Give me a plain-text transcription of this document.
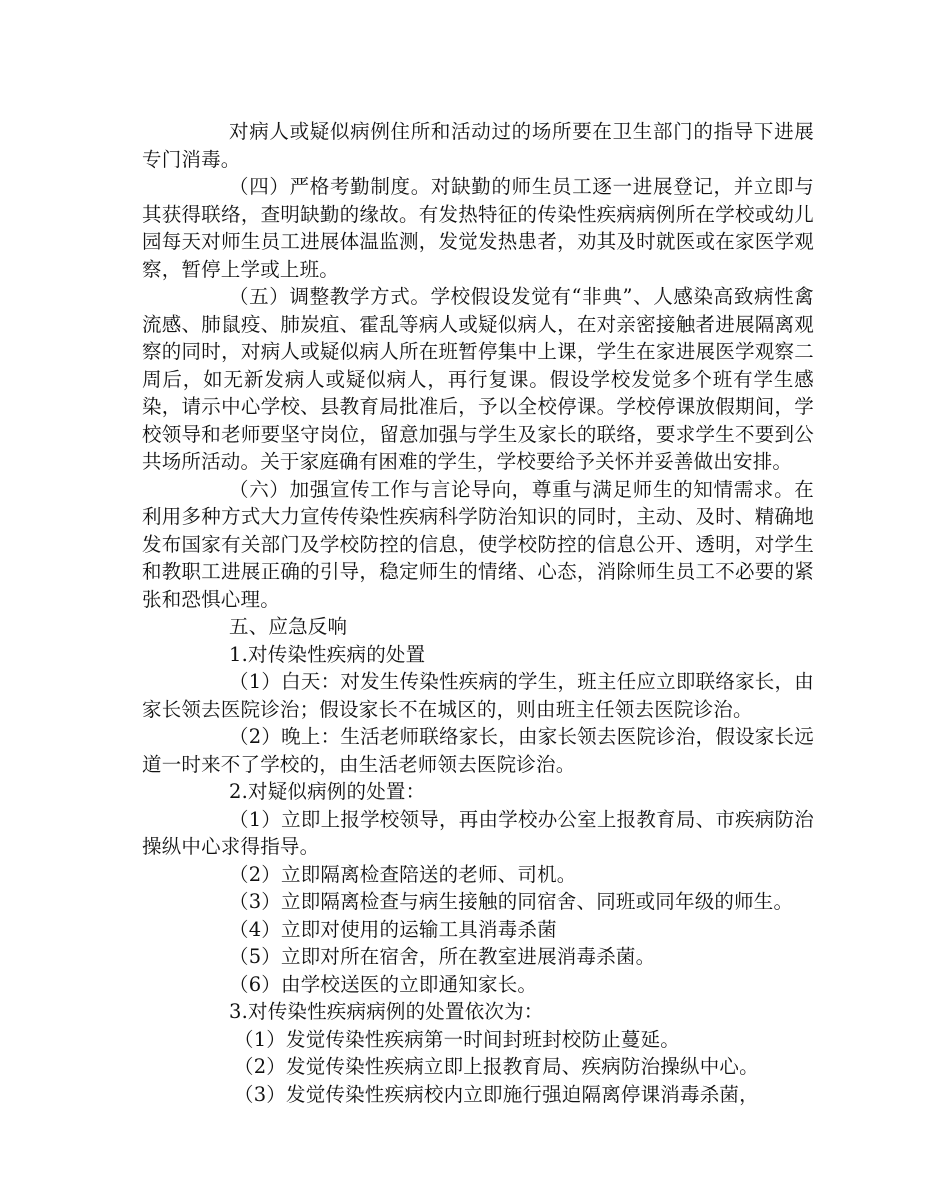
对病人或疑似病例住所和活动过的场所要在卫生部门的指导下进展专门消毒。

（四）严格考勤制度。对缺勤的师生员工逐一进展登记，并立即与其获得联络，查明缺勤的缘故。有发热特征的传染性疾病病例所在学校或幼儿园每天对师生员工进展体温监测，发觉发热患者，劝其及时就医或在家医学观察，暂停上学或上班。

（五）调整教学方式。学校假设发觉有“非典”、人感染高致病性禽流感、肺鼠疫、肺炭疽、霍乱等病人或疑似病人，在对亲密接触者进展隔离观察的同时，对病人或疑似病人所在班暂停集中上课，学生在家进展医学观察二周后，如无新发病人或疑似病人，再行复课。假设学校发觉多个班有学生感染，请示中心学校、县教育局批准后，予以全校停课。学校停课放假期间，学校领导和老师要坚守岗位，留意加强与学生及家长的联络，要求学生不要到公共场所活动。关于家庭确有困难的学生，学校要给予关怀并妥善做出安排。

（六）加强宣传工作与言论导向，尊重与满足师生的知情需求。在利用多种方式大力宣传传染性疾病科学防治知识的同时，主动、及时、精确地发布国家有关部门及学校防控的信息，使学校防控的信息公开、透明，对学生和教职工进展正确的引导，稳定师生的情绪、心态，消除师生员工不必要的紧张和恐惧心理。

五、应急反响

1.对传染性疾病的处置

（1）白天：对发生传染性疾病的学生，班主任应立即联络家长，由家长领去医院诊治；假设家长不在城区的，则由班主任领去医院诊治。

（2）晚上：生活老师联络家长，由家长领去医院诊治，假设家长远道一时来不了学校的，由生活老师领去医院诊治。

2.对疑似病例的处置：

（1）立即上报学校领导，再由学校办公室上报教育局、市疾病防治操纵中心求得指导。

（2）立即隔离检查陪送的老师、司机。

（3）立即隔离检查与病生接触的同宿舍、同班或同年级的师生。

（4）立即对使用的运输工具消毒杀菌

（5）立即对所在宿舍，所在教室进展消毒杀菌。

（6）由学校送医的立即通知家长。

3.对传染性疾病病例的处置依次为：

（1）发觉传染性疾病第一时间封班封校防止蔓延。

（2）发觉传染性疾病立即上报教育局、疾病防治操纵中心。

（3）发觉传染性疾病校内立即施行强迫隔离停课消毒杀菌，
